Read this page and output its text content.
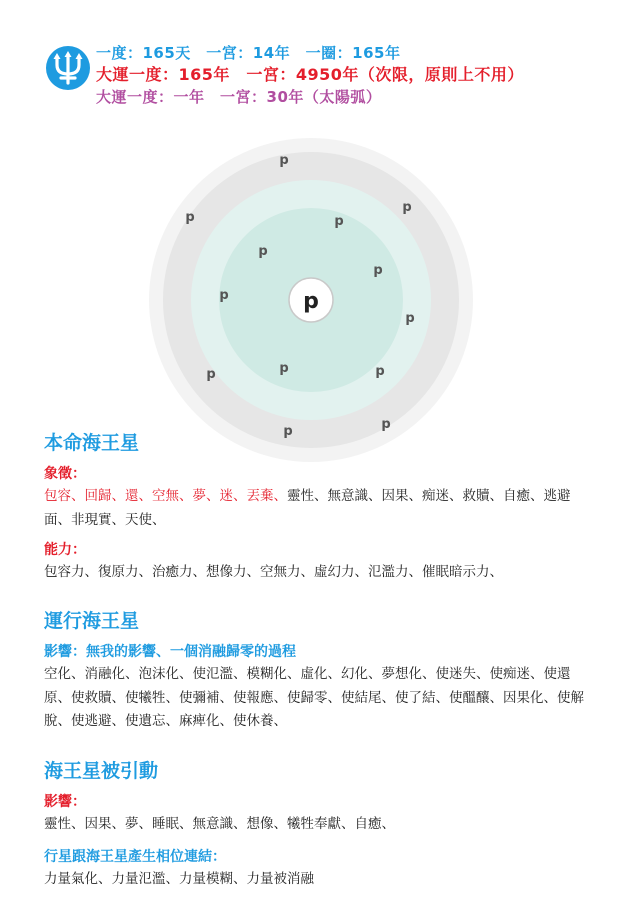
一度：165天　一宮：14年　一圈：165年
大運一度：165年　一宮：4950年（次限，原則上不用）
大運一度：一年　一宮：30年（太陽弧）
p
p
p
p
p
p
p
p
p
p	p	p
p	p
本命海王星

象徵：

包容、回歸、還、空無、夢、迷、丟棄、靈性、無意識、因果、痴迷、救贖、自癒、逃避面、非現實、天使、

能力：

包容力、復原力、治癒力、想像力、空無力、虛幻力、氾濫力、催眠暗示力、

運行海王星

影響：無我的影響、一個消融歸零的過程

空化、消融化、泡沫化、使氾濫、模糊化、虛化、幻化、夢想化、使迷失、使痴迷、使還原、使救贖、使犧牲、使彌補、使報應、使歸零、使結尾、使了結、使醞釀、因果化、使解脫、使逃避、使遺忘、麻痺化、使休養、

海王星被引動

影響：

靈性、因果、夢、睡眠、無意識、想像、犧牲奉獻、自癒、

行星跟海王星產生相位連結：

力量氣化、力量氾濫、力量模糊、力量被消融
